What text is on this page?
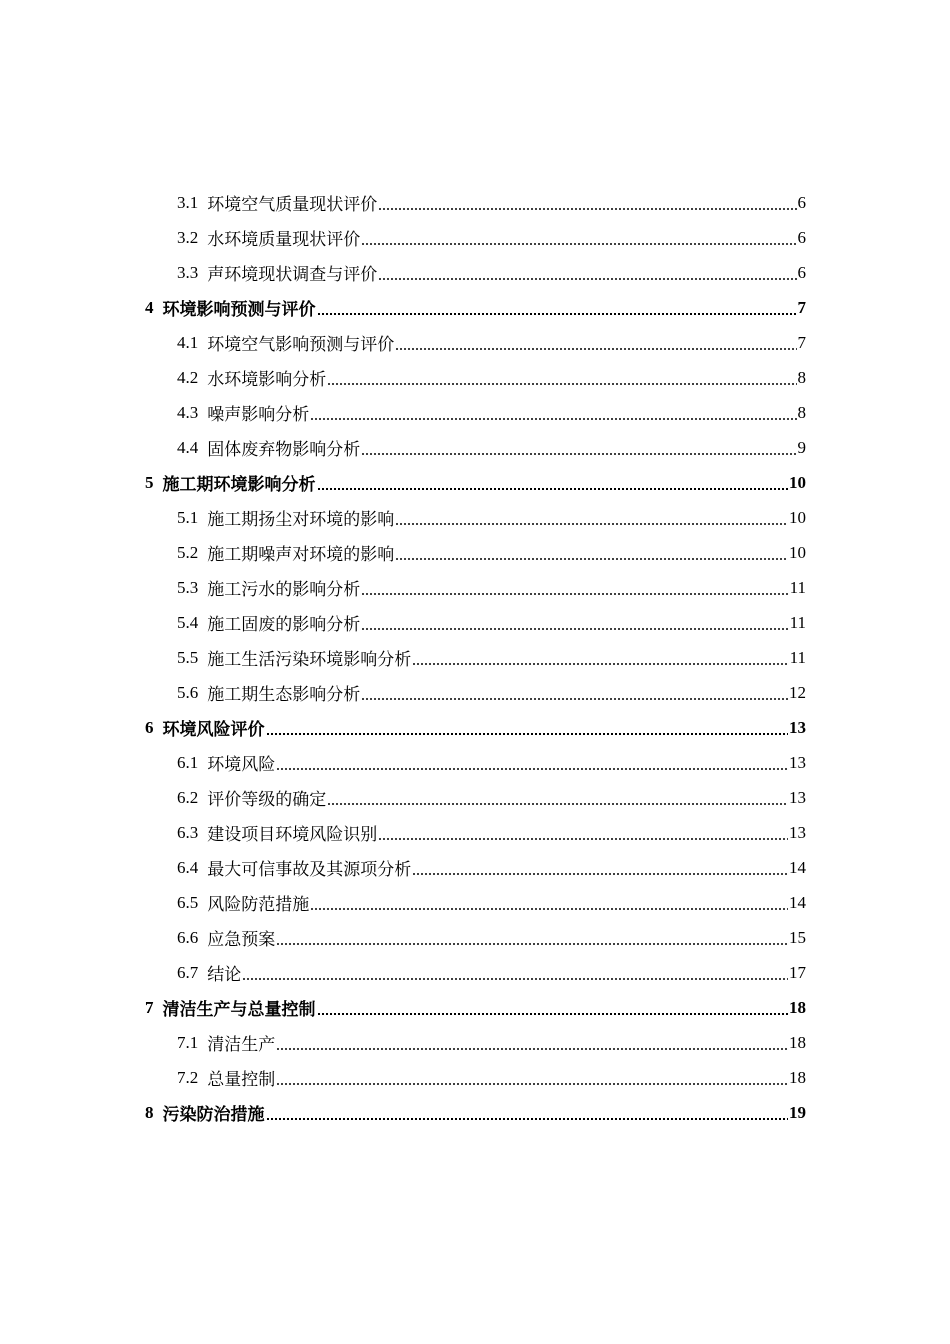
3.1 环境空气质量现状评价	6
3.2 水环境质量现状评价	6
3.3 声环境现状调查与评价	6
4 环境影响预测与评价	7
4.1 环境空气影响预测与评价	7
4.2 水环境影响分析	8
4.3 噪声影响分析	8
4.4 固体废弃物影响分析	9
5 施工期环境影响分析	10
5.1 施工期扬尘对环境的影响	10
5.2 施工期噪声对环境的影响	10
5.3 施工污水的影响分析	11
5.4 施工固废的影响分析	11
5.5 施工生活污染环境影响分析	11
5.6 施工期生态影响分析	12
6 环境风险评价	13
6.1 环境风险	13
6.2 评价等级的确定	13
6.3 建设项目环境风险识别	13
6.4 最大可信事故及其源项分析	14
6.5 风险防范措施	14
6.6 应急预案	15
6.7 结论	17
7 清洁生产与总量控制	18
7.1 清洁生产	18
7.2 总量控制	18
8 污染防治措施	19
